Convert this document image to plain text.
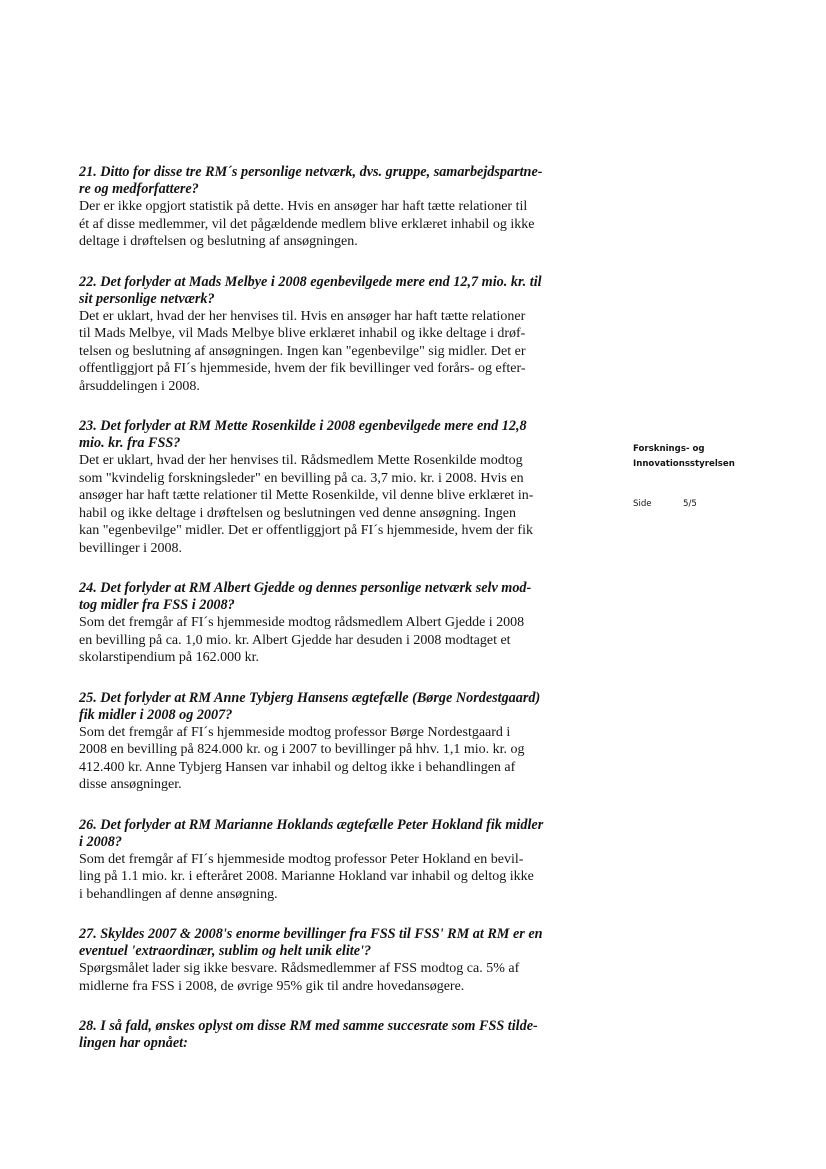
21. Ditto for disse tre RM´s personlige netværk, dvs. gruppe, samarbejdspartne-
re og medforfattere?

Der er ikke opgjort statistik på dette. Hvis en ansøger har haft tætte relationer til
ét af disse medlemmer, vil det pågældende medlem blive erklæret inhabil og ikke
deltage i drøftelsen og beslutning af ansøgningen.

22. Det forlyder at Mads Melbye i 2008 egenbevilgede mere end 12,7 mio. kr. til
sit personlige netværk?

Det er uklart, hvad der her henvises til. Hvis en ansøger har haft tætte relationer
til Mads Melbye, vil Mads Melbye blive erklæret inhabil og ikke deltage i drøf-
telsen og beslutning af ansøgningen. Ingen kan "egenbevilge" sig midler. Det er
offentliggjort på FI´s hjemmeside, hvem der fik bevillinger ved forårs- og efter-
årsuddelingen i 2008.

23. Det forlyder at RM Mette Rosenkilde i 2008 egenbevilgede mere end 12,8
mio. kr. fra FSS?

Det er uklart, hvad der her henvises til. Rådsmedlem Mette Rosenkilde modtog
som "kvindelig forskningsleder" en bevilling på ca. 3,7 mio. kr. i 2008. Hvis en
ansøger har haft tætte relationer til Mette Rosenkilde, vil denne blive erklæret in-
habil og ikke deltage i drøftelsen og beslutningen ved denne ansøgning. Ingen
kan "egenbevilge" midler. Det er offentliggjort på FI´s hjemmeside, hvem der fik
bevillinger i 2008.

24. Det forlyder at RM Albert Gjedde og dennes personlige netværk selv mod-
tog midler fra FSS i 2008?

Som det fremgår af FI´s hjemmeside modtog rådsmedlem Albert Gjedde i 2008
en bevilling på ca. 1,0 mio. kr. Albert Gjedde har desuden i 2008 modtaget et
skolarstipendium på 162.000 kr.

25. Det forlyder at RM Anne Tybjerg Hansens ægtefælle (Børge Nordestgaard)
fik midler i 2008 og 2007?

Som det fremgår af FI´s hjemmeside modtog professor Børge Nordestgaard i
2008 en bevilling på 824.000 kr. og i 2007 to bevillinger på hhv. 1,1 mio. kr. og
412.400 kr. Anne Tybjerg Hansen var inhabil og deltog ikke i behandlingen af
disse ansøgninger.

26. Det forlyder at RM Marianne Hoklands ægtefælle Peter Hokland fik midler
i 2008?

Som det fremgår af FI´s hjemmeside modtog professor Peter Hokland en bevil-
ling på 1.1 mio. kr. i efteråret 2008. Marianne Hokland var inhabil og deltog ikke
i behandlingen af denne ansøgning.

27. Skyldes 2007 & 2008's enorme bevillinger fra FSS til FSS' RM at RM er en
eventuel 'extraordinær, sublim og helt unik elite'?

Spørgsmålet lader sig ikke besvare. Rådsmedlemmer af FSS modtog ca. 5% af
midlerne fra FSS i 2008, de øvrige 95% gik til andre hovedansøgere.

28. I så fald, ønskes oplyst om disse RM med samme succesrate som FSS tilde-
lingen har opnået:

Forsknings- og
Innovationsstyrelsen
Side	5/5
